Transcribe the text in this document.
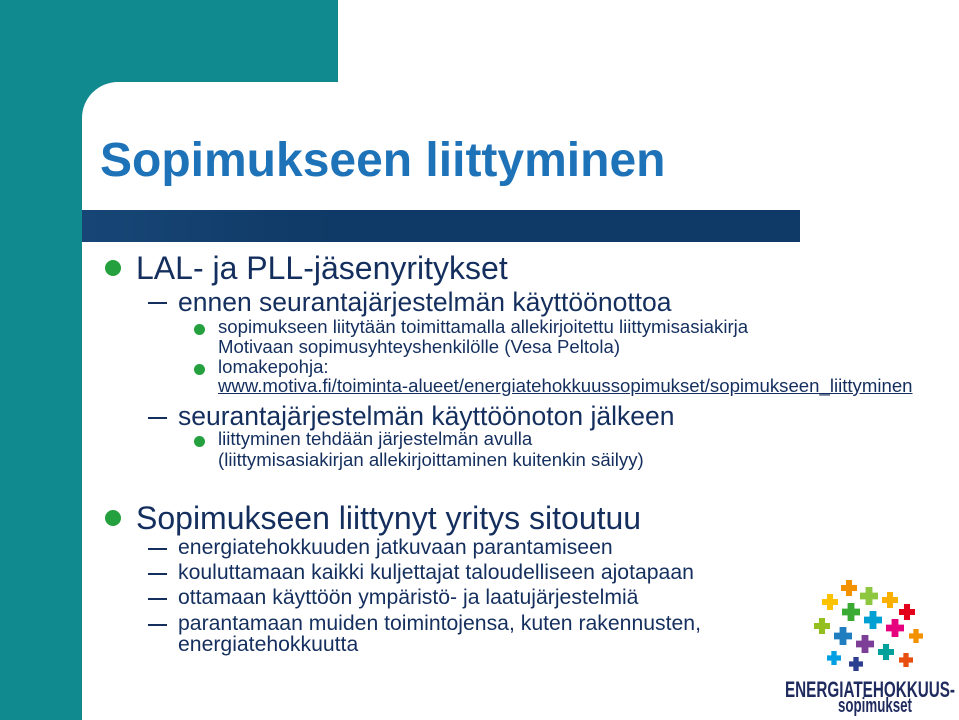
Sopimukseen liittyminen
LAL- ja PLL-jäsenyritykset
ennen seurantajärjestelmän käyttöönottoa
sopimukseen liitytään toimittamalla allekirjoitettu liittymisasiakirja
Motivaan sopimusyhteyshenkilölle (Vesa Peltola)
lomakepohja:
www.motiva.fi/toiminta-alueet/energiatehokkuussopimukset/sopimukseen_liittyminen
seurantajärjestelmän käyttöönoton jälkeen
liittyminen tehdään järjestelmän avulla
(liittymisasiakirjan allekirjoittaminen kuitenkin säilyy)
Sopimukseen liittynyt yritys sitoutuu
energiatehokkuuden jatkuvaan parantamiseen
kouluttamaan kaikki kuljettajat taloudelliseen ajotapaan
ottamaan käyttöön ympäristö- ja laatujärjestelmiä
parantamaan muiden toimintojensa, kuten rakennusten,
energiatehokkuutta
ENERGIATEHOKKUUS-
sopimukset
